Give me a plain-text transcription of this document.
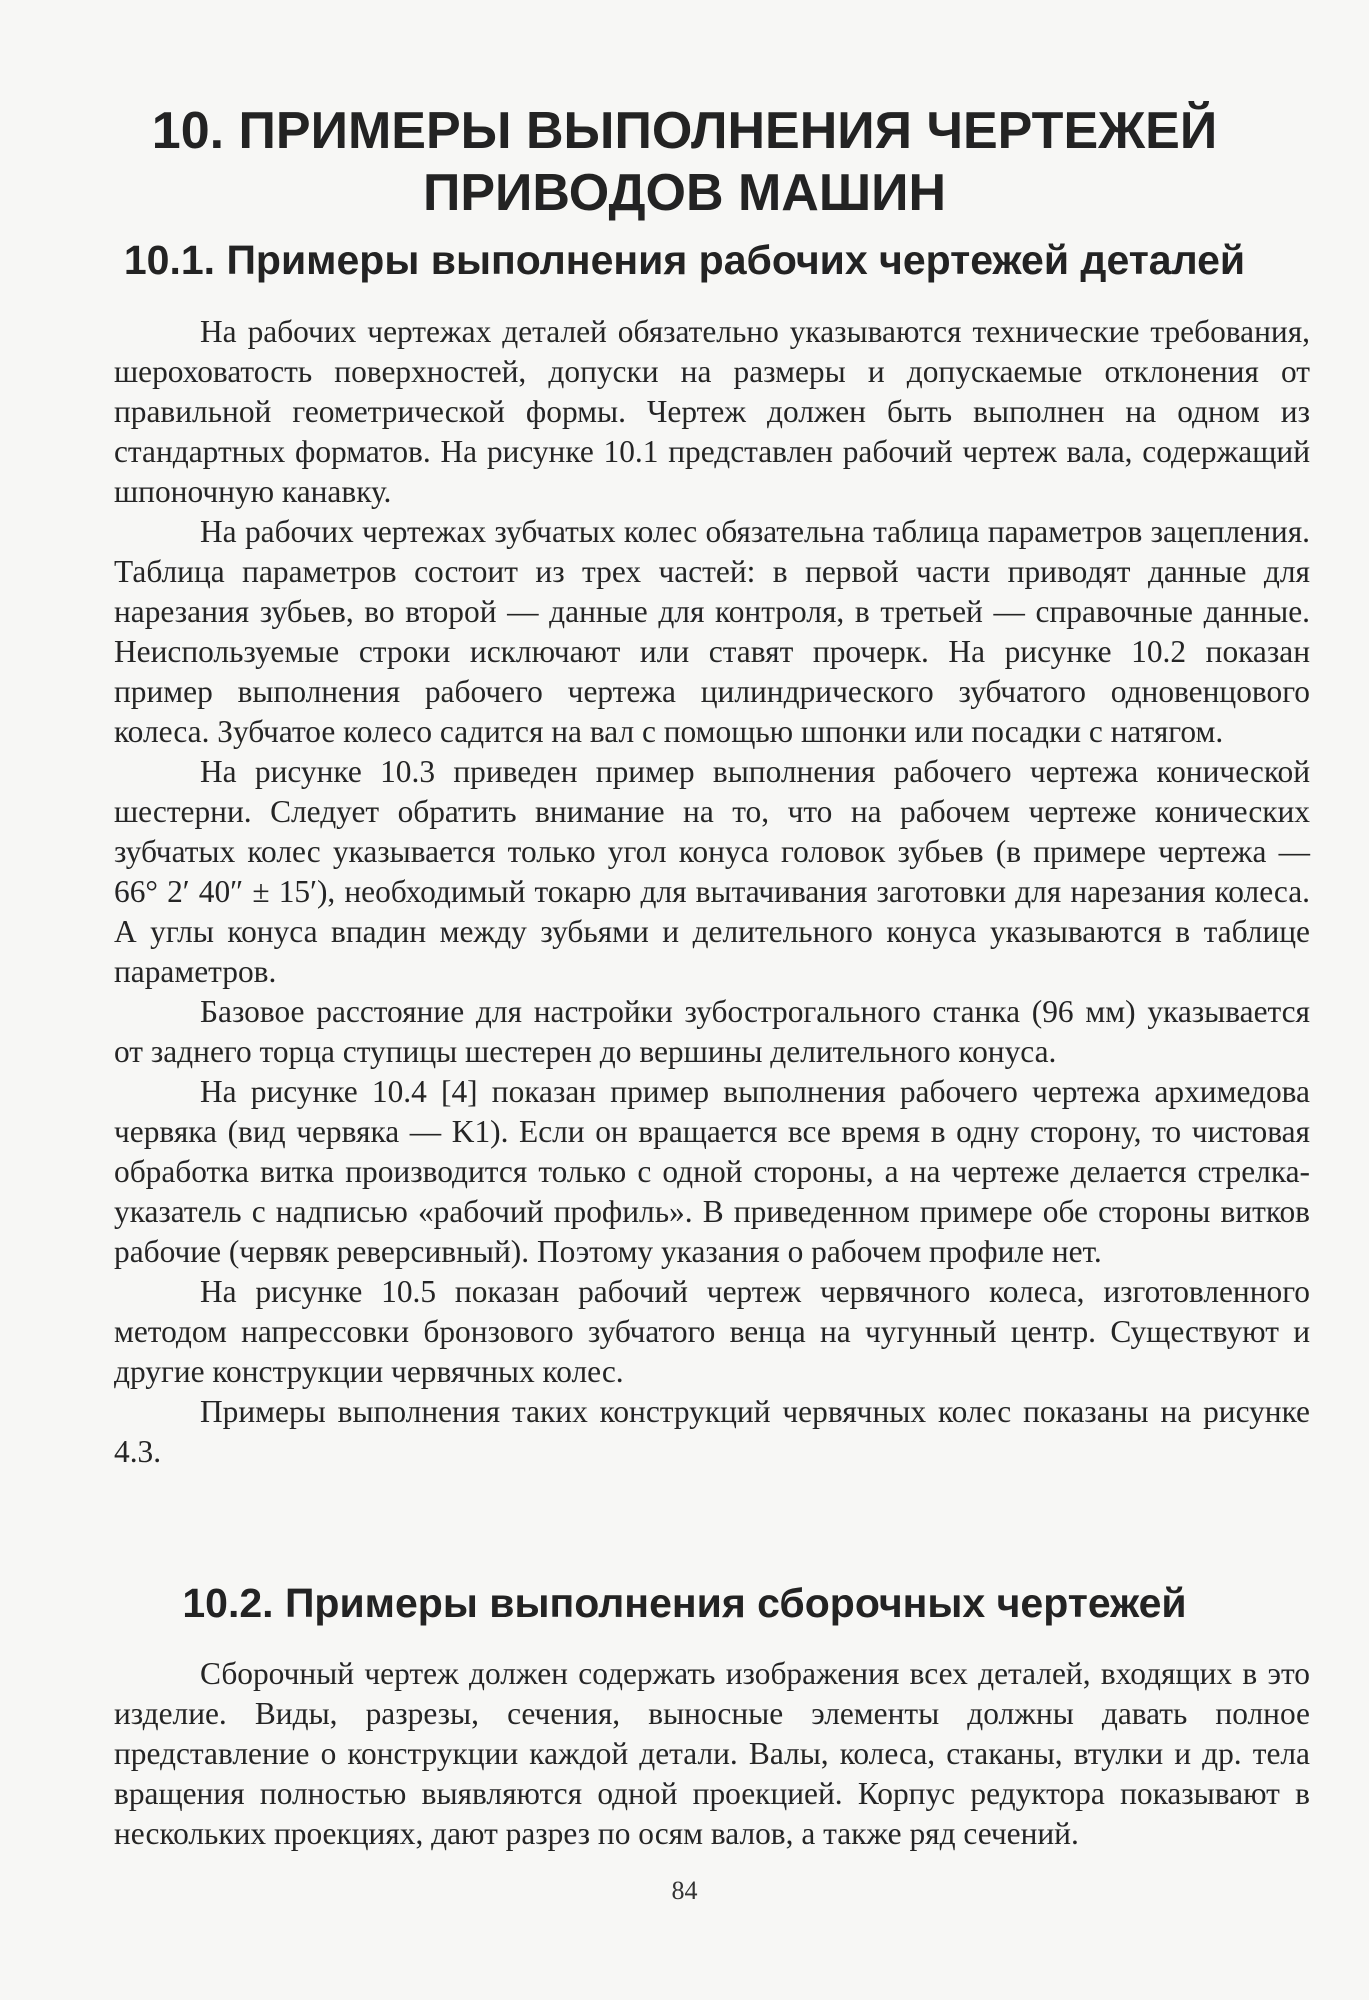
10. ПРИМЕРЫ ВЫПОЛНЕНИЯ ЧЕРТЕЖЕЙ
ПРИВОДОВ МАШИН
10.1. Примеры выполнения рабочих чертежей деталей

На рабочих чертежах деталей обязательно указываются технические требования, шероховатость поверхностей, допуски на размеры и допускаемые отклонения от правильной геометрической формы. Чертеж должен быть выполнен на одном из стандартных форматов. На рисунке 10.1 представлен рабочий чертеж вала, содержащий шпоночную канавку.

На рабочих чертежах зубчатых колес обязательна таблица параметров зацепления. Таблица параметров состоит из трех частей: в первой части приводят данные для нарезания зубьев, во второй — данные для контроля, в третьей — справочные данные. Неиспользуемые строки исключают или ставят прочерк. На рисунке 10.2 показан пример выполнения рабочего чертежа цилиндрического зубчатого одновенцового колеса. Зубчатое колесо садится на вал с помощью шпонки или посадки с натягом.

На рисунке 10.3 приведен пример выполнения рабочего чертежа конической шестерни. Следует обратить внимание на то, что на рабочем чертеже конических зубчатых колес указывается только угол конуса головок зубьев (в примере чертежа — 66° 2′ 40″ ± 15′), необходимый токарю для вытачивания заготовки для нарезания колеса. А углы конуса впадин между зубьями и делительного конуса указываются в таблице параметров.

Базовое расстояние для настройки зубострогального станка (96 мм) указывается от заднего торца ступицы шестерен до вершины делительного конуса.

На рисунке 10.4 [4] показан пример выполнения рабочего чертежа архимедова червяка (вид червяка — K1). Если он вращается все время в одну сторону, то чистовая обработка витка производится только с одной стороны, а на чертеже делается стрелка-указатель с надписью «рабочий профиль». В приведенном примере обе стороны витков рабочие (червяк реверсивный). Поэтому указания о рабочем профиле нет.

На рисунке 10.5 показан рабочий чертеж червячного колеса, изготовленного методом напрессовки бронзового зубчатого венца на чугунный центр. Существуют и другие конструкции червячных колес.

Примеры выполнения таких конструкций червячных колес показаны на рисунке 4.3.

10.2. Примеры выполнения сборочных чертежей

Сборочный чертеж должен содержать изображения всех деталей, входящих в это изделие. Виды, разрезы, сечения, выносные элементы должны давать полное представление о конструкции каждой детали. Валы, колеса, стаканы, втулки и др. тела вращения полностью выявляются одной проекцией. Корпус редуктора показывают в нескольких проекциях, дают разрез по осям валов, а также ряд сечений.

84
